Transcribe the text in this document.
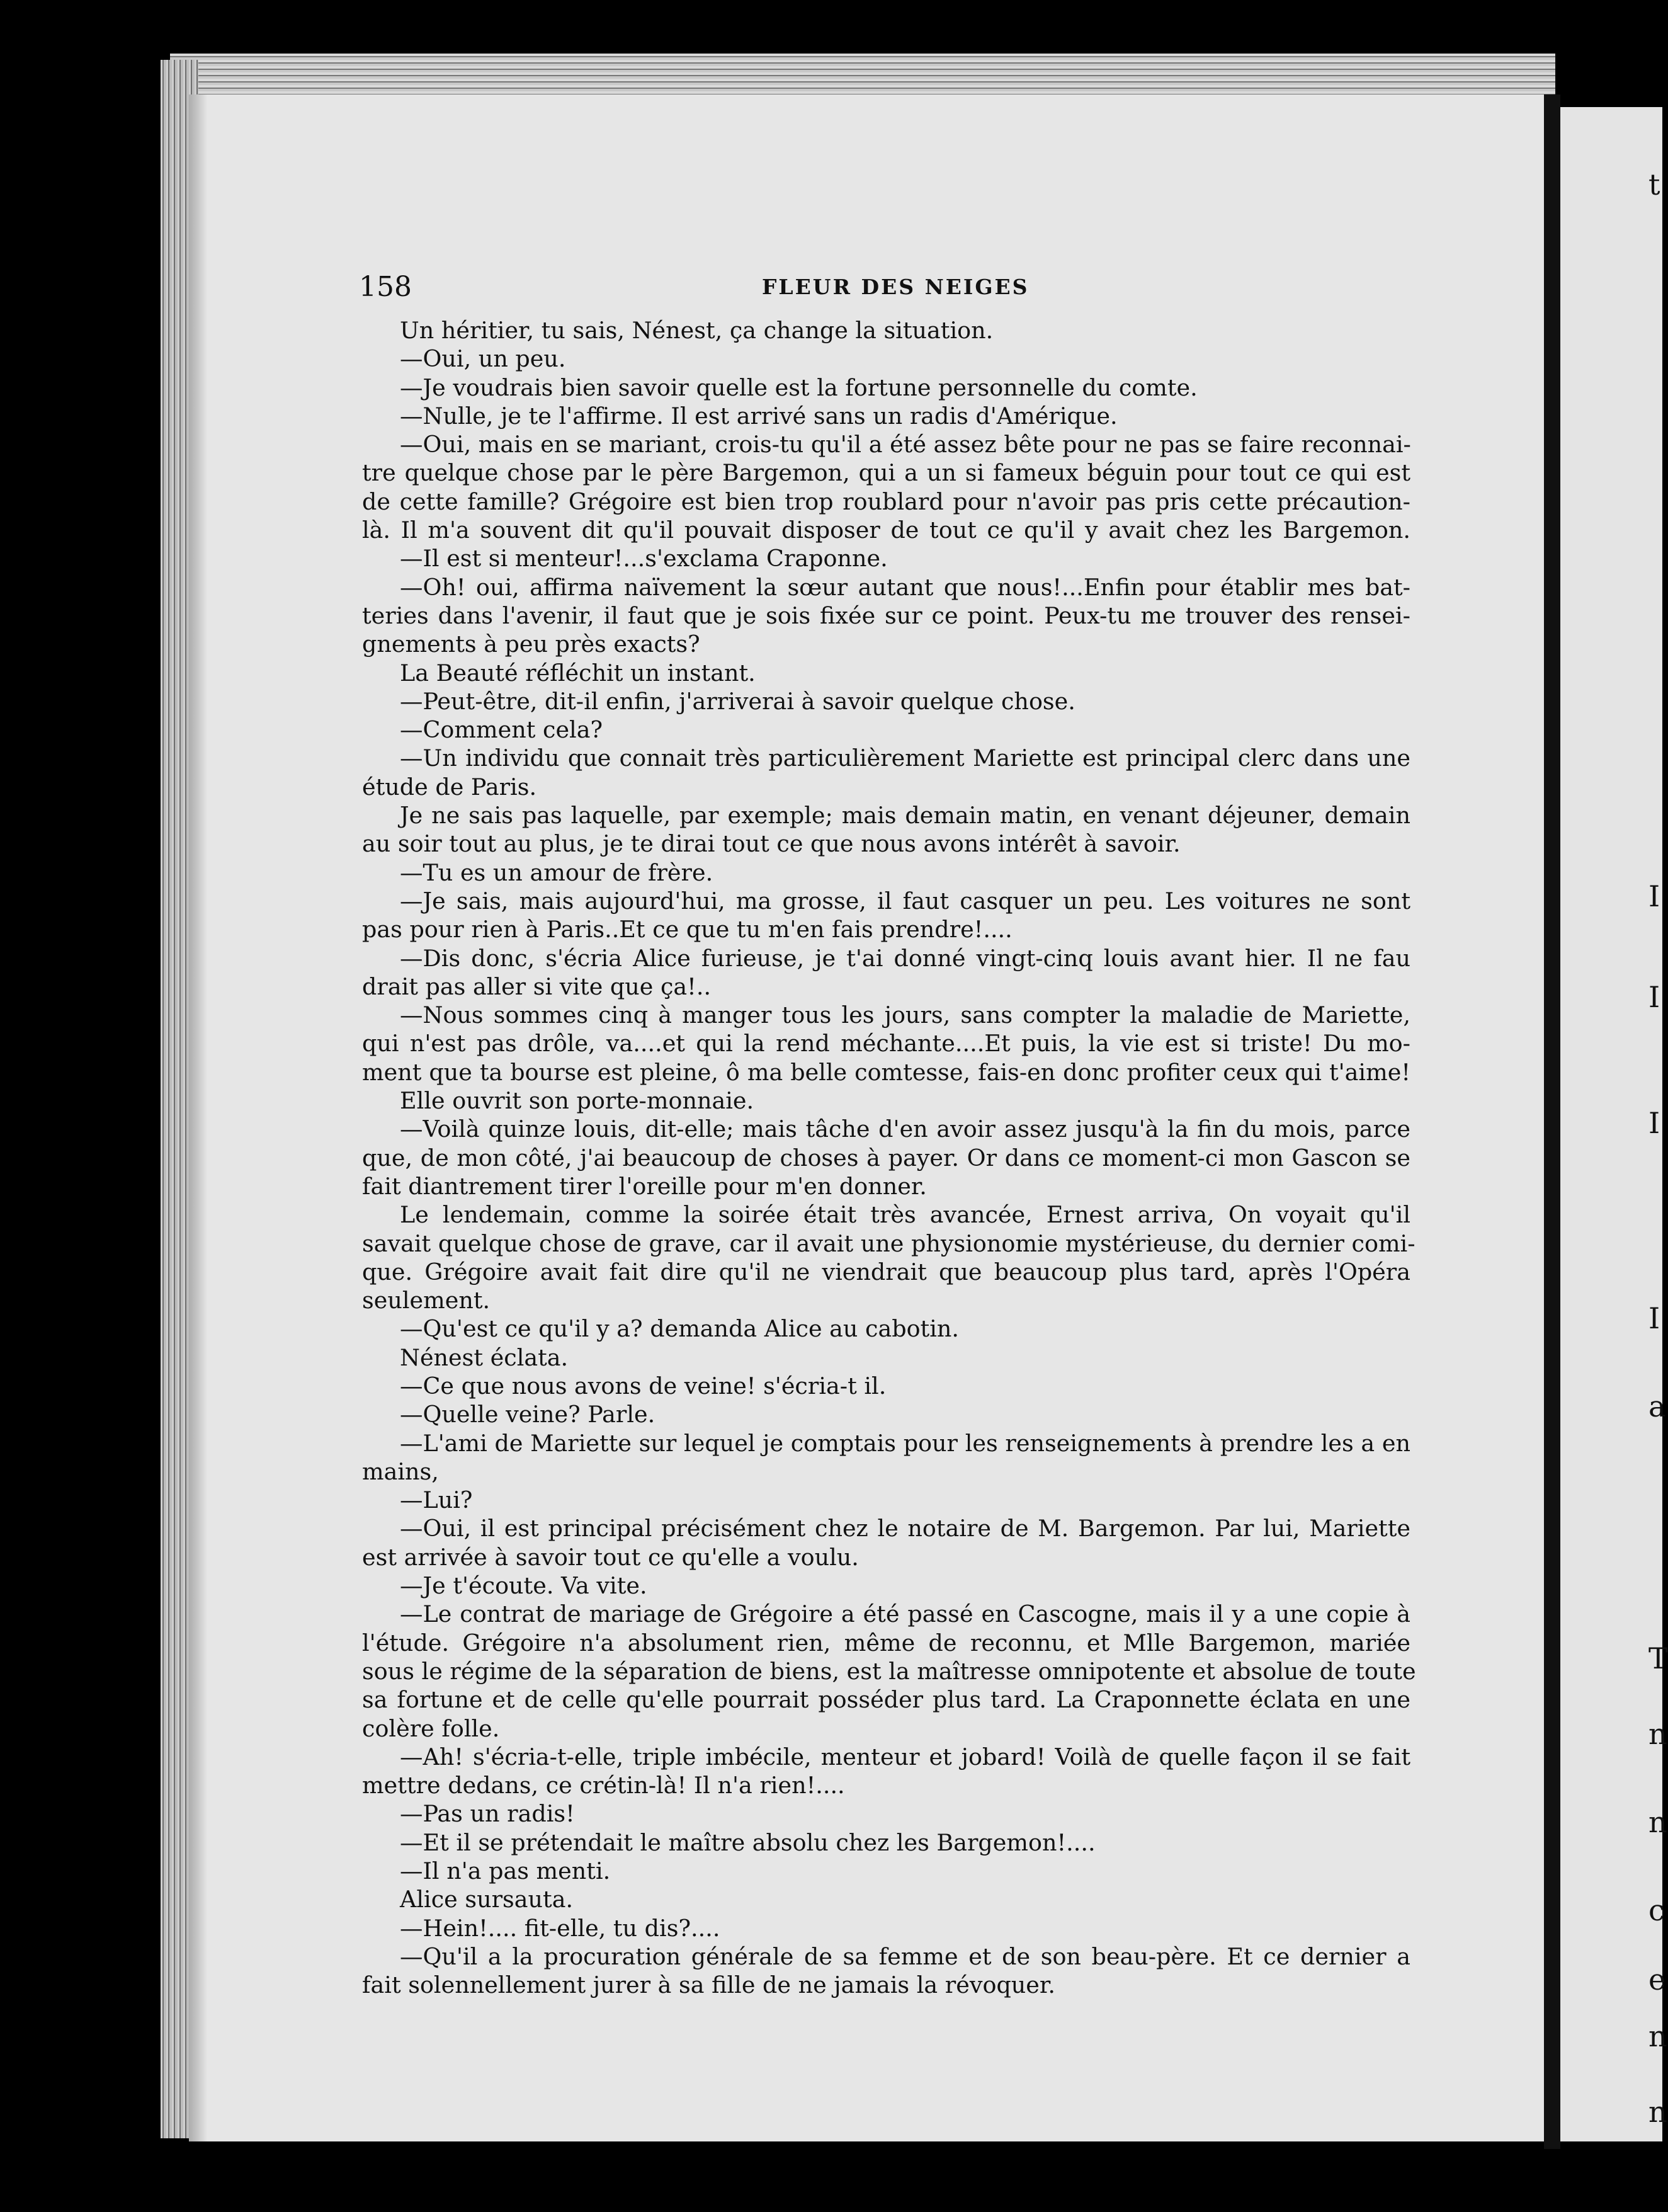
t
I
I
I
I
a
T
n
n
c
e
n
n
158	FLEUR DES NEIGES
Un héritier, tu sais, Nénest, ça change la situation.
—Oui, un peu.
—Je voudrais bien savoir quelle est la fortune personnelle du comte.
—Nulle, je te l'affirme. Il est arrivé sans un radis d'Amérique.
—Oui, mais en se mariant, crois-tu qu'il a été assez bête pour ne pas se faire reconnai-
tre quelque chose par le père Bargemon, qui a un si fameux béguin pour tout ce qui est
de cette famille? Grégoire est bien trop roublard pour n'avoir pas pris cette précaution-
là. Il m'a souvent dit qu'il pouvait disposer de tout ce qu'il y avait chez les Bargemon.
—Il est si menteur!...s'exclama Craponne.
—Oh! oui, affirma naïvement la sœur autant que nous!...Enfin pour établir mes bat-
teries dans l'avenir, il faut que je sois fixée sur ce point. Peux-tu me trouver des rensei-
gnements à peu près exacts?
La Beauté réfléchit un instant.
—Peut-être, dit-il enfin, j'arriverai à savoir quelque chose.
—Comment cela?
—Un individu que connait très particulièrement Mariette est principal clerc dans une
étude de Paris.
Je ne sais pas laquelle, par exemple; mais demain matin, en venant déjeuner, demain
au soir tout au plus, je te dirai tout ce que nous avons intérêt à savoir.
—Tu es un amour de frère.
—Je sais, mais aujourd'hui, ma grosse, il faut casquer un peu. Les voitures ne sont
pas pour rien à Paris..Et ce que tu m'en fais prendre!....
—Dis donc, s'écria Alice furieuse, je t'ai donné vingt-cinq louis avant hier. Il ne fau
drait pas aller si vite que ça!..
—Nous sommes cinq à manger tous les jours, sans compter la maladie de Mariette,
qui n'est pas drôle, va....et qui la rend méchante....Et puis, la vie est si triste! Du mo-
ment que ta bourse est pleine, ô ma belle comtesse, fais-en donc profiter ceux qui t'aime!
Elle ouvrit son porte-monnaie.
—Voilà quinze louis, dit-elle; mais tâche d'en avoir assez jusqu'à la fin du mois, parce
que, de mon côté, j'ai beaucoup de choses à payer. Or dans ce moment-ci mon Gascon se
fait diantrement tirer l'oreille pour m'en donner.
Le lendemain, comme la soirée était très avancée, Ernest arriva, On voyait qu'il
savait quelque chose de grave, car il avait une physionomie mystérieuse, du dernier comi-
que. Grégoire avait fait dire qu'il ne viendrait que beaucoup plus tard, après l'Opéra
seulement.
—Qu'est ce qu'il y a? demanda Alice au cabotin.
Nénest éclata.
—Ce que nous avons de veine! s'écria-t il.
—Quelle veine? Parle.
—L'ami de Mariette sur lequel je comptais pour les renseignements à prendre les a en
mains,
—Lui?
—Oui, il est principal précisément chez le notaire de M. Bargemon. Par lui, Mariette
est arrivée à savoir tout ce qu'elle a voulu.
—Je t'écoute. Va vite.
—Le contrat de mariage de Grégoire a été passé en Cascogne, mais il y a une copie à
l'étude. Grégoire n'a absolument rien, même de reconnu, et Mlle Bargemon, mariée
sous le régime de la séparation de biens, est la maîtresse omnipotente et absolue de toute
sa fortune et de celle qu'elle pourrait posséder plus tard. La Craponnette éclata en une
colère folle.
—Ah! s'écria-t-elle, triple imbécile, menteur et jobard! Voilà de quelle façon il se fait
mettre dedans, ce crétin-là! Il n'a rien!....
—Pas un radis!
—Et il se prétendait le maître absolu chez les Bargemon!....
—Il n'a pas menti.
Alice sursauta.
—Hein!.... fit-elle, tu dis?....
—Qu'il a la procuration générale de sa femme et de son beau-père. Et ce dernier a
fait solennellement jurer à sa fille de ne jamais la révoquer.
